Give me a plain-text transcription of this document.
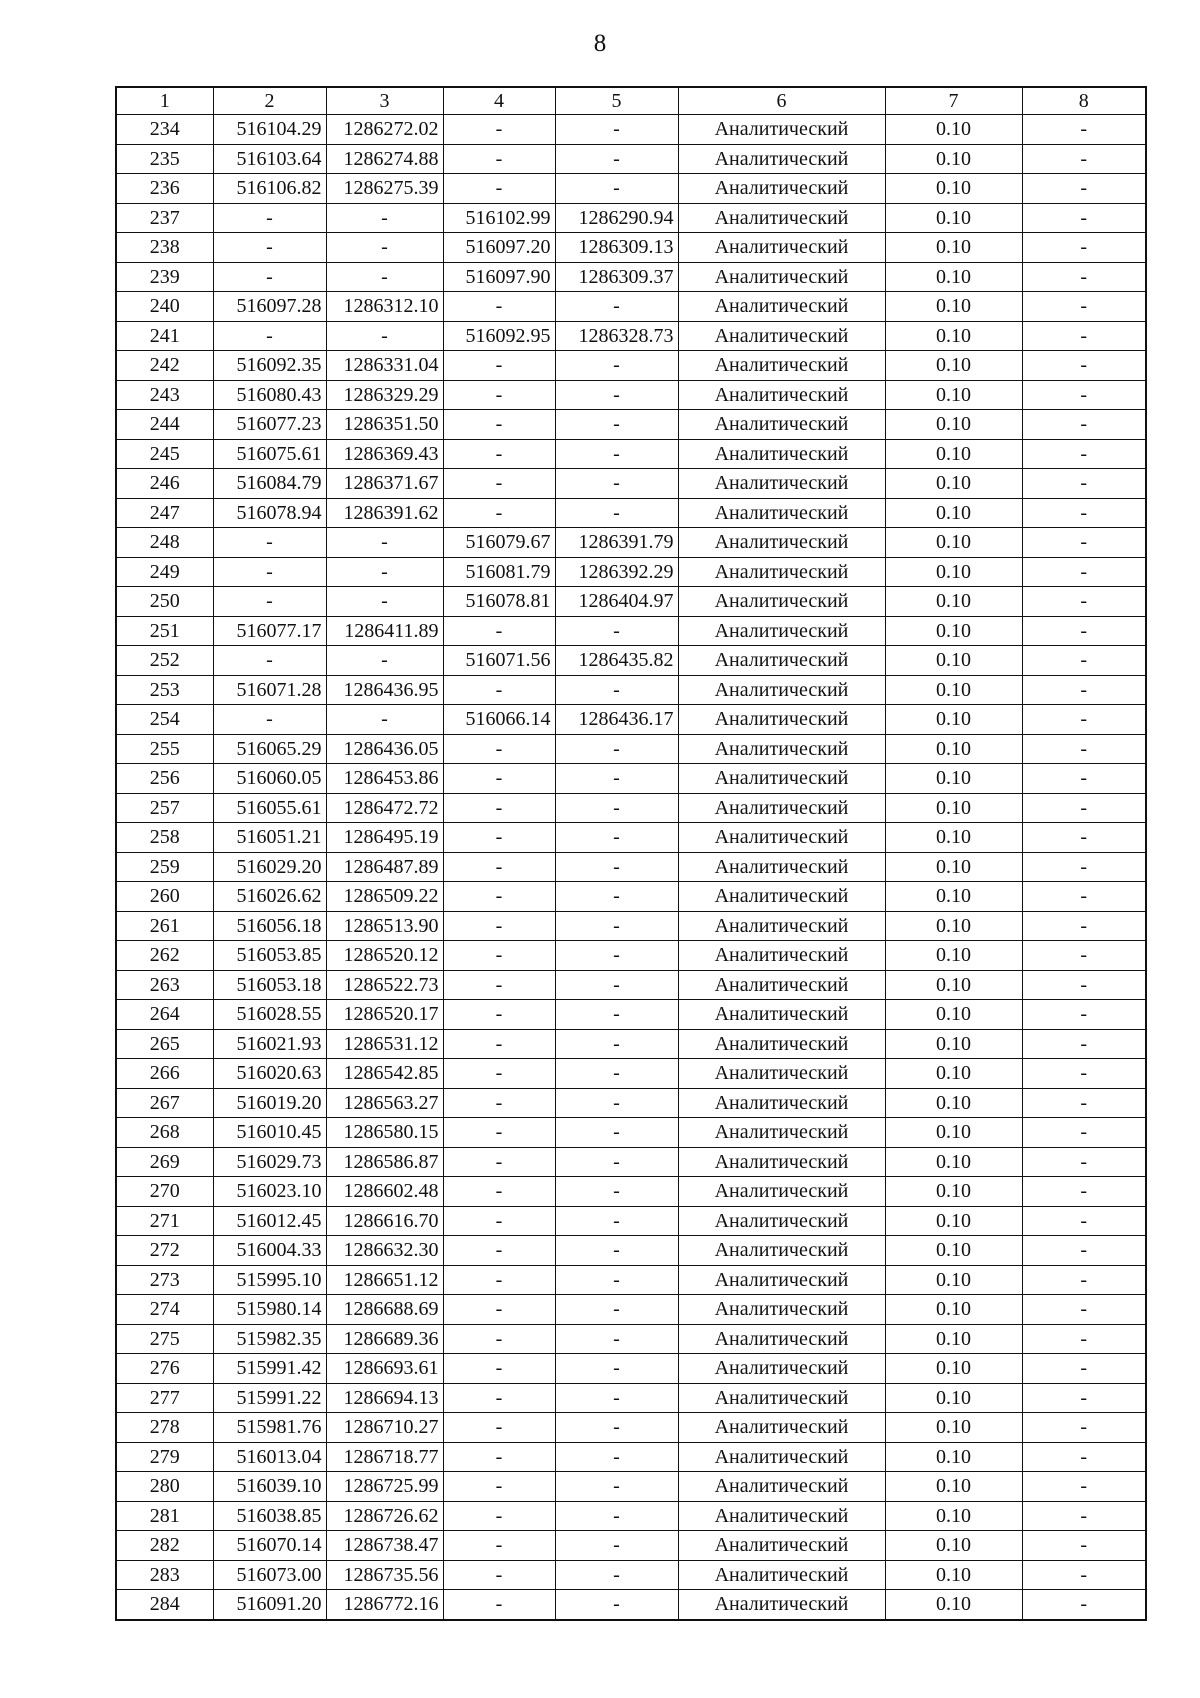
8
1	2	3	4	5	6	7	8
234	516104.29	1286272.02	-	-	Аналитический	0.10	-
235	516103.64	1286274.88	-	-	Аналитический	0.10	-
236	516106.82	1286275.39	-	-	Аналитический	0.10	-
237	-	-	516102.99	1286290.94	Аналитический	0.10	-
238	-	-	516097.20	1286309.13	Аналитический	0.10	-
239	-	-	516097.90	1286309.37	Аналитический	0.10	-
240	516097.28	1286312.10	-	-	Аналитический	0.10	-
241	-	-	516092.95	1286328.73	Аналитический	0.10	-
242	516092.35	1286331.04	-	-	Аналитический	0.10	-
243	516080.43	1286329.29	-	-	Аналитический	0.10	-
244	516077.23	1286351.50	-	-	Аналитический	0.10	-
245	516075.61	1286369.43	-	-	Аналитический	0.10	-
246	516084.79	1286371.67	-	-	Аналитический	0.10	-
247	516078.94	1286391.62	-	-	Аналитический	0.10	-
248	-	-	516079.67	1286391.79	Аналитический	0.10	-
249	-	-	516081.79	1286392.29	Аналитический	0.10	-
250	-	-	516078.81	1286404.97	Аналитический	0.10	-
251	516077.17	1286411.89	-	-	Аналитический	0.10	-
252	-	-	516071.56	1286435.82	Аналитический	0.10	-
253	516071.28	1286436.95	-	-	Аналитический	0.10	-
254	-	-	516066.14	1286436.17	Аналитический	0.10	-
255	516065.29	1286436.05	-	-	Аналитический	0.10	-
256	516060.05	1286453.86	-	-	Аналитический	0.10	-
257	516055.61	1286472.72	-	-	Аналитический	0.10	-
258	516051.21	1286495.19	-	-	Аналитический	0.10	-
259	516029.20	1286487.89	-	-	Аналитический	0.10	-
260	516026.62	1286509.22	-	-	Аналитический	0.10	-
261	516056.18	1286513.90	-	-	Аналитический	0.10	-
262	516053.85	1286520.12	-	-	Аналитический	0.10	-
263	516053.18	1286522.73	-	-	Аналитический	0.10	-
264	516028.55	1286520.17	-	-	Аналитический	0.10	-
265	516021.93	1286531.12	-	-	Аналитический	0.10	-
266	516020.63	1286542.85	-	-	Аналитический	0.10	-
267	516019.20	1286563.27	-	-	Аналитический	0.10	-
268	516010.45	1286580.15	-	-	Аналитический	0.10	-
269	516029.73	1286586.87	-	-	Аналитический	0.10	-
270	516023.10	1286602.48	-	-	Аналитический	0.10	-
271	516012.45	1286616.70	-	-	Аналитический	0.10	-
272	516004.33	1286632.30	-	-	Аналитический	0.10	-
273	515995.10	1286651.12	-	-	Аналитический	0.10	-
274	515980.14	1286688.69	-	-	Аналитический	0.10	-
275	515982.35	1286689.36	-	-	Аналитический	0.10	-
276	515991.42	1286693.61	-	-	Аналитический	0.10	-
277	515991.22	1286694.13	-	-	Аналитический	0.10	-
278	515981.76	1286710.27	-	-	Аналитический	0.10	-
279	516013.04	1286718.77	-	-	Аналитический	0.10	-
280	516039.10	1286725.99	-	-	Аналитический	0.10	-
281	516038.85	1286726.62	-	-	Аналитический	0.10	-
282	516070.14	1286738.47	-	-	Аналитический	0.10	-
283	516073.00	1286735.56	-	-	Аналитический	0.10	-
284	516091.20	1286772.16	-	-	Аналитический	0.10	-
